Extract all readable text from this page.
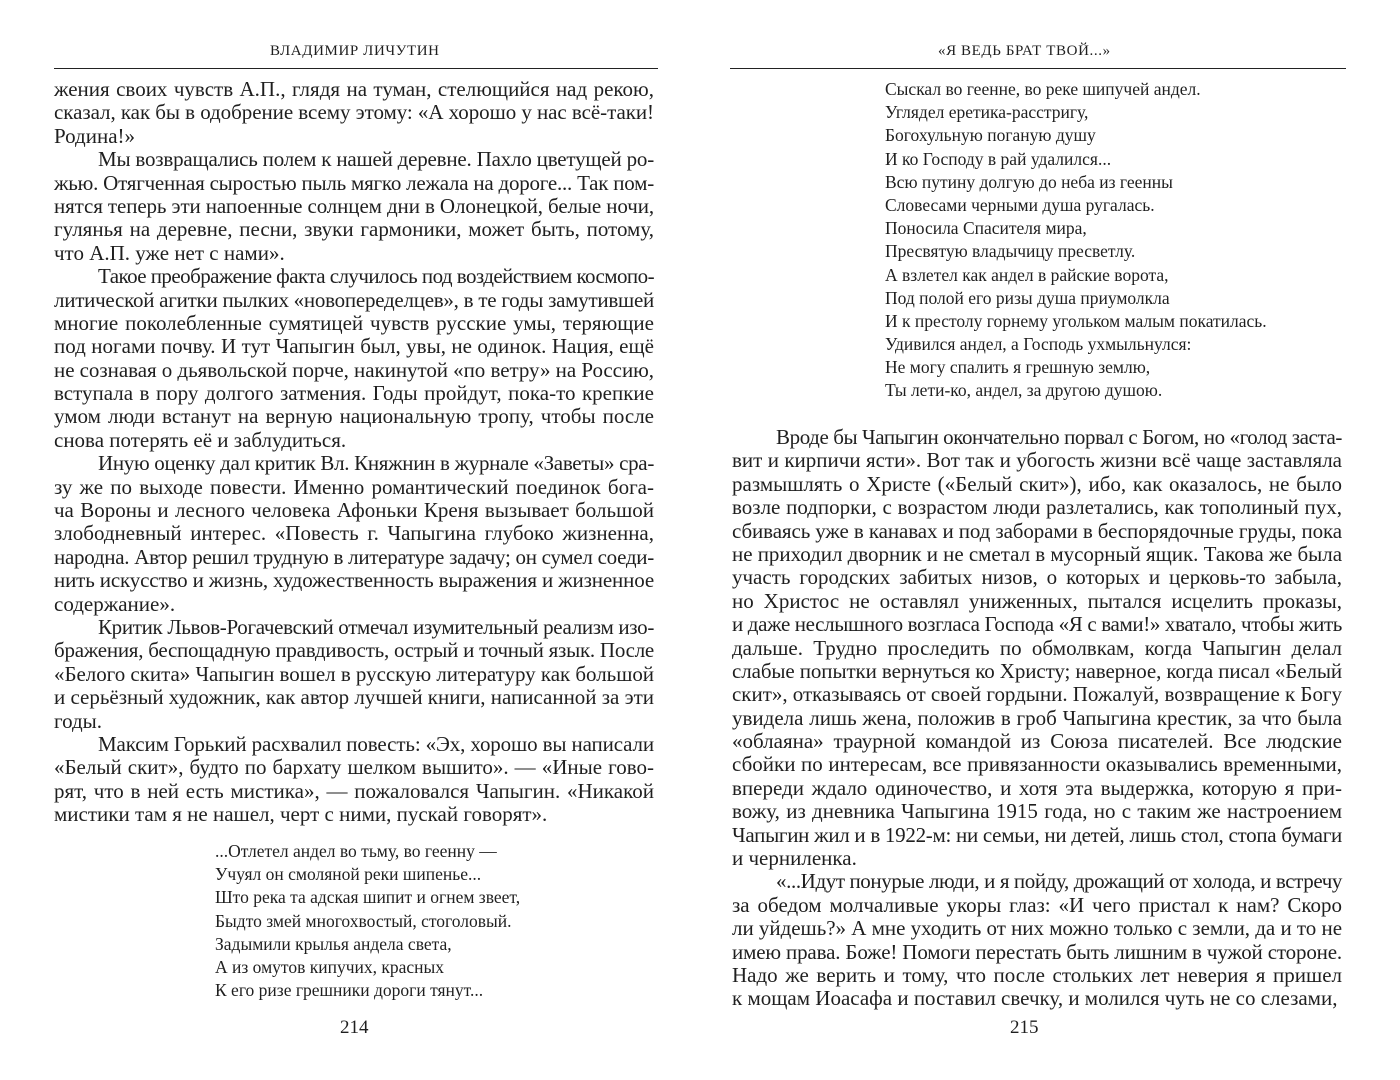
ВЛАДИМИР ЛИЧУТИН
жения своих чувств А.П., глядя на туман, стелющийся над рекою,
сказал, как бы в одобрение всему этому: «А хорошо у нас всё-таки!
Родина!»
Мы возвращались полем к нашей деревне. Пахло цветущей ро-
жью. Отягченная сыростью пыль мягко лежала на дороге... Так пом-
нятся теперь эти напоенные солнцем дни в Олонецкой, белые ночи,
гулянья на деревне, песни, звуки гармоники, может быть, потому,
что А.П. уже нет с нами».
Такое преображение факта случилось под воздействием космопо-
литической агитки пылких «новопеределцев», в те годы замутившей
многие поколебленные сумятицей чувств русские умы, теряющие
под ногами почву. И тут Чапыгин был, увы, не одинок. Нация, ещё
не сознавая о дьявольской порче, накинутой «по ветру» на Россию,
вступала в пору долгого затмения. Годы пройдут, пока-то крепкие
умом люди встанут на верную национальную тропу, чтобы после
снова потерять её и заблудиться.
Иную оценку дал критик Вл. Княжнин в журнале «Заветы» сра-
зу же по выходе повести. Именно романтический поединок бога-
ча Вороны и лесного человека Афоньки Креня вызывает большой
злободневный интерес. «Повесть г. Чапыгина глубоко жизненна,
народна. Автор решил трудную в литературе задачу; он сумел соеди-
нить искусство и жизнь, художественность выражения и жизненное
содержание».
Критик Львов-Рогачевский отмечал изумительный реализм изо-
бражения, беспощадную правдивость, острый и точный язык. После
«Белого скита» Чапыгин вошел в русскую литературу как большой
и серьёзный художник, как автор лучшей книги, написанной за эти
годы.
Максим Горький расхвалил повесть: «Эх, хорошо вы написали
«Белый скит», будто по бархату шелком вышито». — «Иные гово-
рят, что в ней есть мистика», — пожаловался Чапыгин. «Никакой
мистики там я не нашел, черт с ними, пускай говорят».
...Отлетел андел во тьму, во геенну —
Учуял он смоляной реки шипенье...
Што река та адская шипит и огнем звеет,
Быдто змей многохвостый, стоголовый.
Задымили крылья андела света,
А из омутов кипучих, красных
К его ризе грешники дороги тянут...
214
«Я ВЕДЬ БРАТ ТВОЙ...»
Сыскал во геенне, во реке шипучей андел.
Углядел еретика-расстригу,
Богохульную поганую душу
И ко Господу в рай удалился...
Всю путину долгую до неба из геенны
Словесами черными душа ругалась.
Поносила Спасителя мира,
Пресвятую владычицу пресветлу.
А взлетел как андел в райские ворота,
Под полой его ризы душа приумолкла
И к престолу горнему угольком малым покатилась.
Удивился андел, а Господь ухмыльнулся:
Не могу спалить я грешную землю,
Ты лети-ко, андел, за другою душою.
Вроде бы Чапыгин окончательно порвал с Богом, но «голод заста-
вит и кирпичи ясти». Вот так и убогость жизни всё чаще заставляла
размышлять о Христе («Белый скит»), ибо, как оказалось, не было
возле подпорки, с возрастом люди разлетались, как тополиный пух,
сбиваясь уже в канавах и под заборами в беспорядочные груды, пока
не приходил дворник и не сметал в мусорный ящик. Такова же была
участь городских забитых низов, о которых и церковь-то забыла,
но Христос не оставлял униженных, пытался исцелить проказы,
и даже неслышного возгласа Господа «Я с вами!» хватало, чтобы жить
дальше. Трудно проследить по обмолвкам, когда Чапыгин делал
слабые попытки вернуться ко Христу; наверное, когда писал «Белый
скит», отказываясь от своей гордыни. Пожалуй, возвращение к Богу
увидела лишь жена, положив в гроб Чапыгина крестик, за что была
«облаяна» траурной командой из Союза писателей. Все людские
сбойки по интересам, все привязанности оказывались временными,
впереди ждало одиночество, и хотя эта выдержка, которую я при-
вожу, из дневника Чапыгина 1915 года, но с таким же настроением
Чапыгин жил и в 1922-м: ни семьи, ни детей, лишь стол, стопа бумаги
и черниленка.
«...Идут понурые люди, и я пойду, дрожащий от холода, и встречу
за обедом молчаливые укоры глаз: «И чего пристал к нам? Скоро
ли уйдешь?» А мне уходить от них можно только с земли, да и то не
имею права. Боже! Помоги перестать быть лишним в чужой стороне.
Надо же верить и тому, что после стольких лет неверия я пришел
к мощам Иоасафа и поставил свечку, и молился чуть не со слезами,
215
